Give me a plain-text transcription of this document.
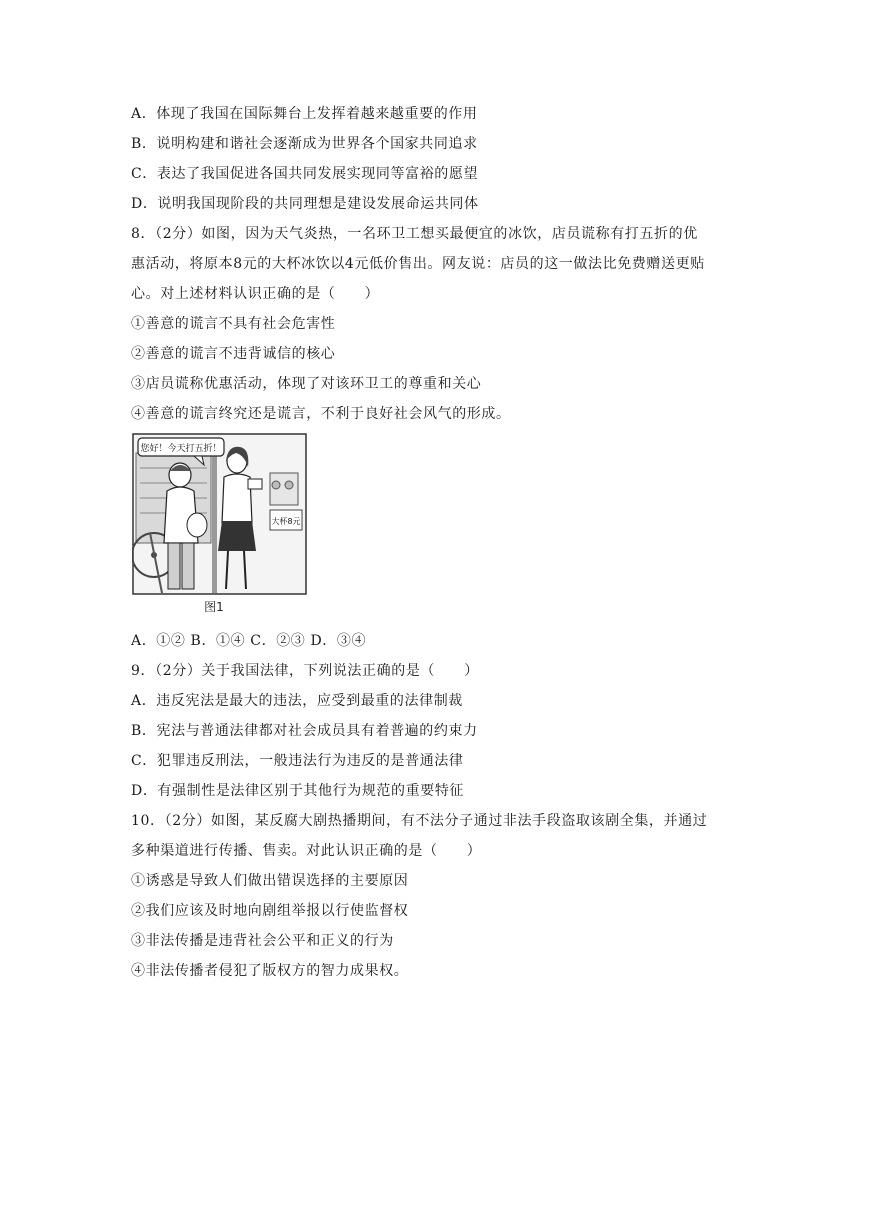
A．体现了我国在国际舞台上发挥着越来越重要的作用
B．说明构建和谐社会逐渐成为世界各个国家共同追求
C．表达了我国促进各国共同发展实现同等富裕的愿望
D．说明我国现阶段的共同理想是建设发展命运共同体
8．（2分）如图，因为天气炎热，一名环卫工想买最便宜的冰饮，店员谎称有打五折的优
惠活动，将原本8元的大杯冰饮以4元低价售出。网友说：店员的这一做法比免费赠送更贴
心。对上述材料认识正确的是（　　）
①善意的谎言不具有社会危害性
②善意的谎言不违背诚信的核心
③店员谎称优惠活动，体现了对该环卫工的尊重和关心
④善意的谎言终究还是谎言，不利于良好社会风气的形成。
您好！今天打五折！
大杯8元
图1
A．①② B．①④ C．②③ D．③④
9．（2分）关于我国法律，下列说法正确的是（　　）
A．违反宪法是最大的违法，应受到最重的法律制裁
B．宪法与普通法律都对社会成员具有着普遍的约束力
C．犯罪违反刑法，一般违法行为违反的是普通法律
D．有强制性是法律区别于其他行为规范的重要特征
10．（2分）如图，某反腐大剧热播期间，有不法分子通过非法手段盗取该剧全集，并通过
多种渠道进行传播、售卖。对此认识正确的是（　　）
①诱惑是导致人们做出错误选择的主要原因
②我们应该及时地向剧组举报以行使监督权
③非法传播是违背社会公平和正义的行为
④非法传播者侵犯了版权方的智力成果权。
